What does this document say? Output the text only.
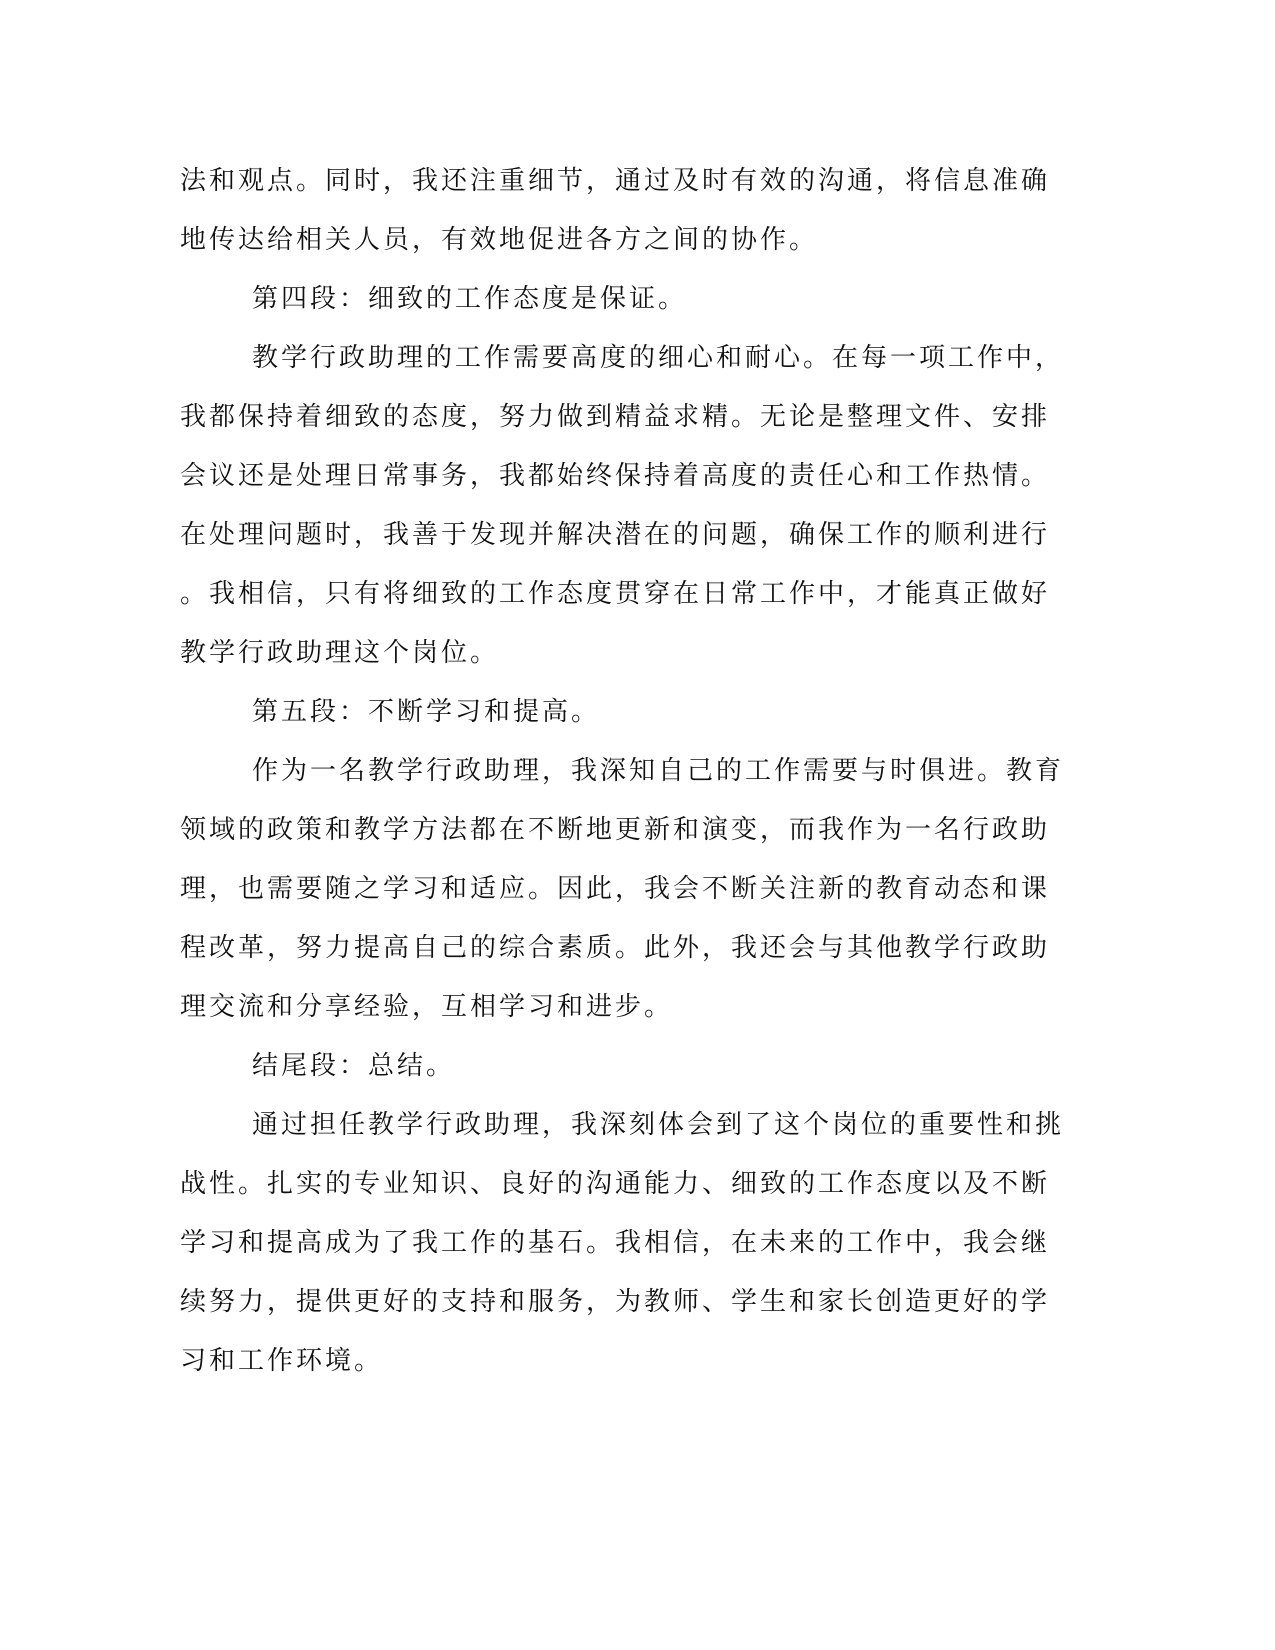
法和观点。同时，我还注重细节，通过及时有效的沟通，将信息准确
地传达给相关人员，有效地促进各方之间的协作。
第四段：细致的工作态度是保证。
教学行政助理的工作需要高度的细心和耐心。在每一项工作中，
我都保持着细致的态度，努力做到精益求精。无论是整理文件、安排
会议还是处理日常事务，我都始终保持着高度的责任心和工作热情。
在处理问题时，我善于发现并解决潜在的问题，确保工作的顺利进行
。我相信，只有将细致的工作态度贯穿在日常工作中，才能真正做好
教学行政助理这个岗位。
第五段：不断学习和提高。
作为一名教学行政助理，我深知自己的工作需要与时俱进。教育
领域的政策和教学方法都在不断地更新和演变，而我作为一名行政助
理，也需要随之学习和适应。因此，我会不断关注新的教育动态和课
程改革，努力提高自己的综合素质。此外，我还会与其他教学行政助
理交流和分享经验，互相学习和进步。
结尾段：总结。
通过担任教学行政助理，我深刻体会到了这个岗位的重要性和挑
战性。扎实的专业知识、良好的沟通能力、细致的工作态度以及不断
学习和提高成为了我工作的基石。我相信，在未来的工作中，我会继
续努力，提供更好的支持和服务，为教师、学生和家长创造更好的学
习和工作环境。
